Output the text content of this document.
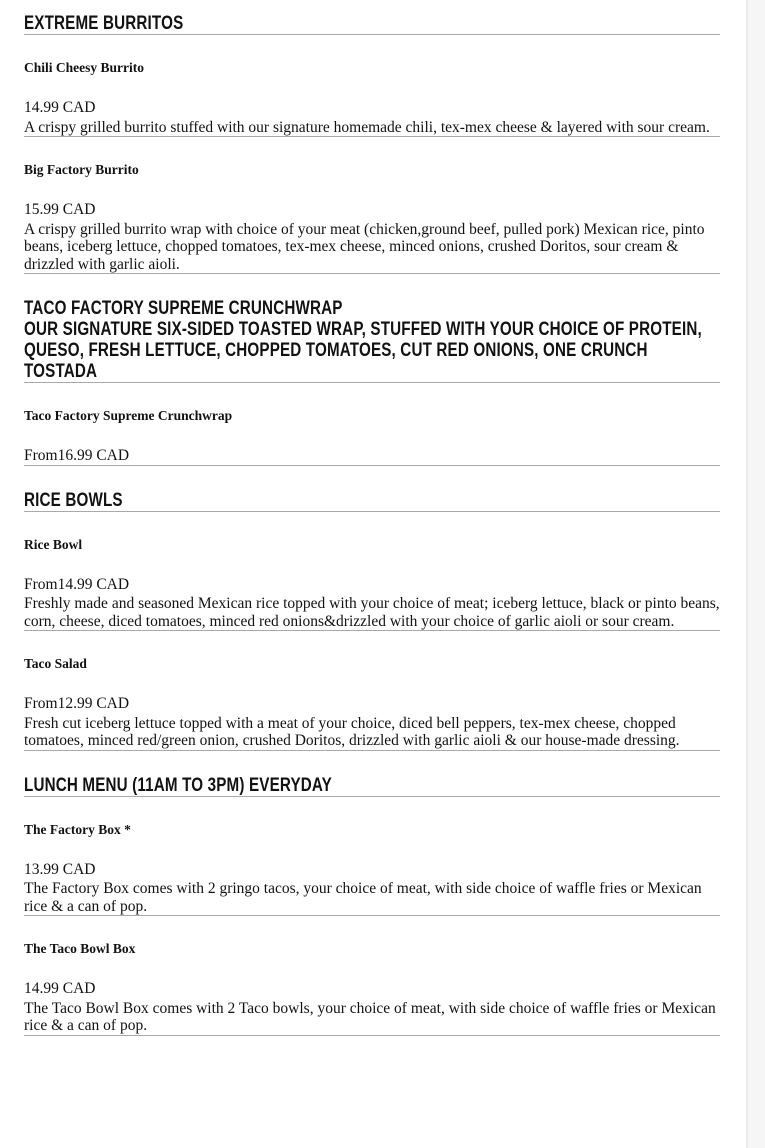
EXTREME BURRITOS
Chili Cheesy Burrito
14.99 CAD

A crispy grilled burrito stuffed with our signature homemade chili, tex-mex cheese & layered with sour cream.

Big Factory Burrito
15.99 CAD

A crispy grilled burrito wrap with choice of your meat (chicken,ground beef, pulled pork) Mexican rice, pinto beans, iceberg lettuce, chopped tomatoes, tex-mex cheese, minced onions, crushed Doritos, sour cream & drizzled with garlic aioli.

TACO FACTORY SUPREME CRUNCHWRAP
OUR SIGNATURE SIX-SIDED TOASTED WRAP, STUFFED WITH YOUR CHOICE OF PROTEIN, QUESO, FRESH LETTUCE, CHOPPED TOMATOES, CUT RED ONIONS, ONE CRUNCH TOSTADA
Taco Factory Supreme Crunchwrap
From16.99 CAD
RICE BOWLS
Rice Bowl
From14.99 CAD

Freshly made and seasoned Mexican rice topped with your choice of meat; iceberg lettuce, black or pinto beans, corn, cheese, diced tomatoes, minced red onions&drizzled with your choice of garlic aioli or sour cream.

Taco Salad
From12.99 CAD

Fresh cut iceberg lettuce topped with a meat of your choice, diced bell peppers, tex-mex cheese, chopped tomatoes, minced red/green onion, crushed Doritos, drizzled with garlic aioli & our house-made dressing.

LUNCH MENU (11AM TO 3PM) EVERYDAY
The Factory Box *
13.99 CAD

The Factory Box comes with 2 gringo tacos, your choice of meat, with side choice of waffle fries or Mexican rice & a can of pop.

The Taco Bowl Box
14.99 CAD

The Taco Bowl Box comes with 2 Taco bowls, your choice of meat, with side choice of waffle fries or Mexican rice & a can of pop.
